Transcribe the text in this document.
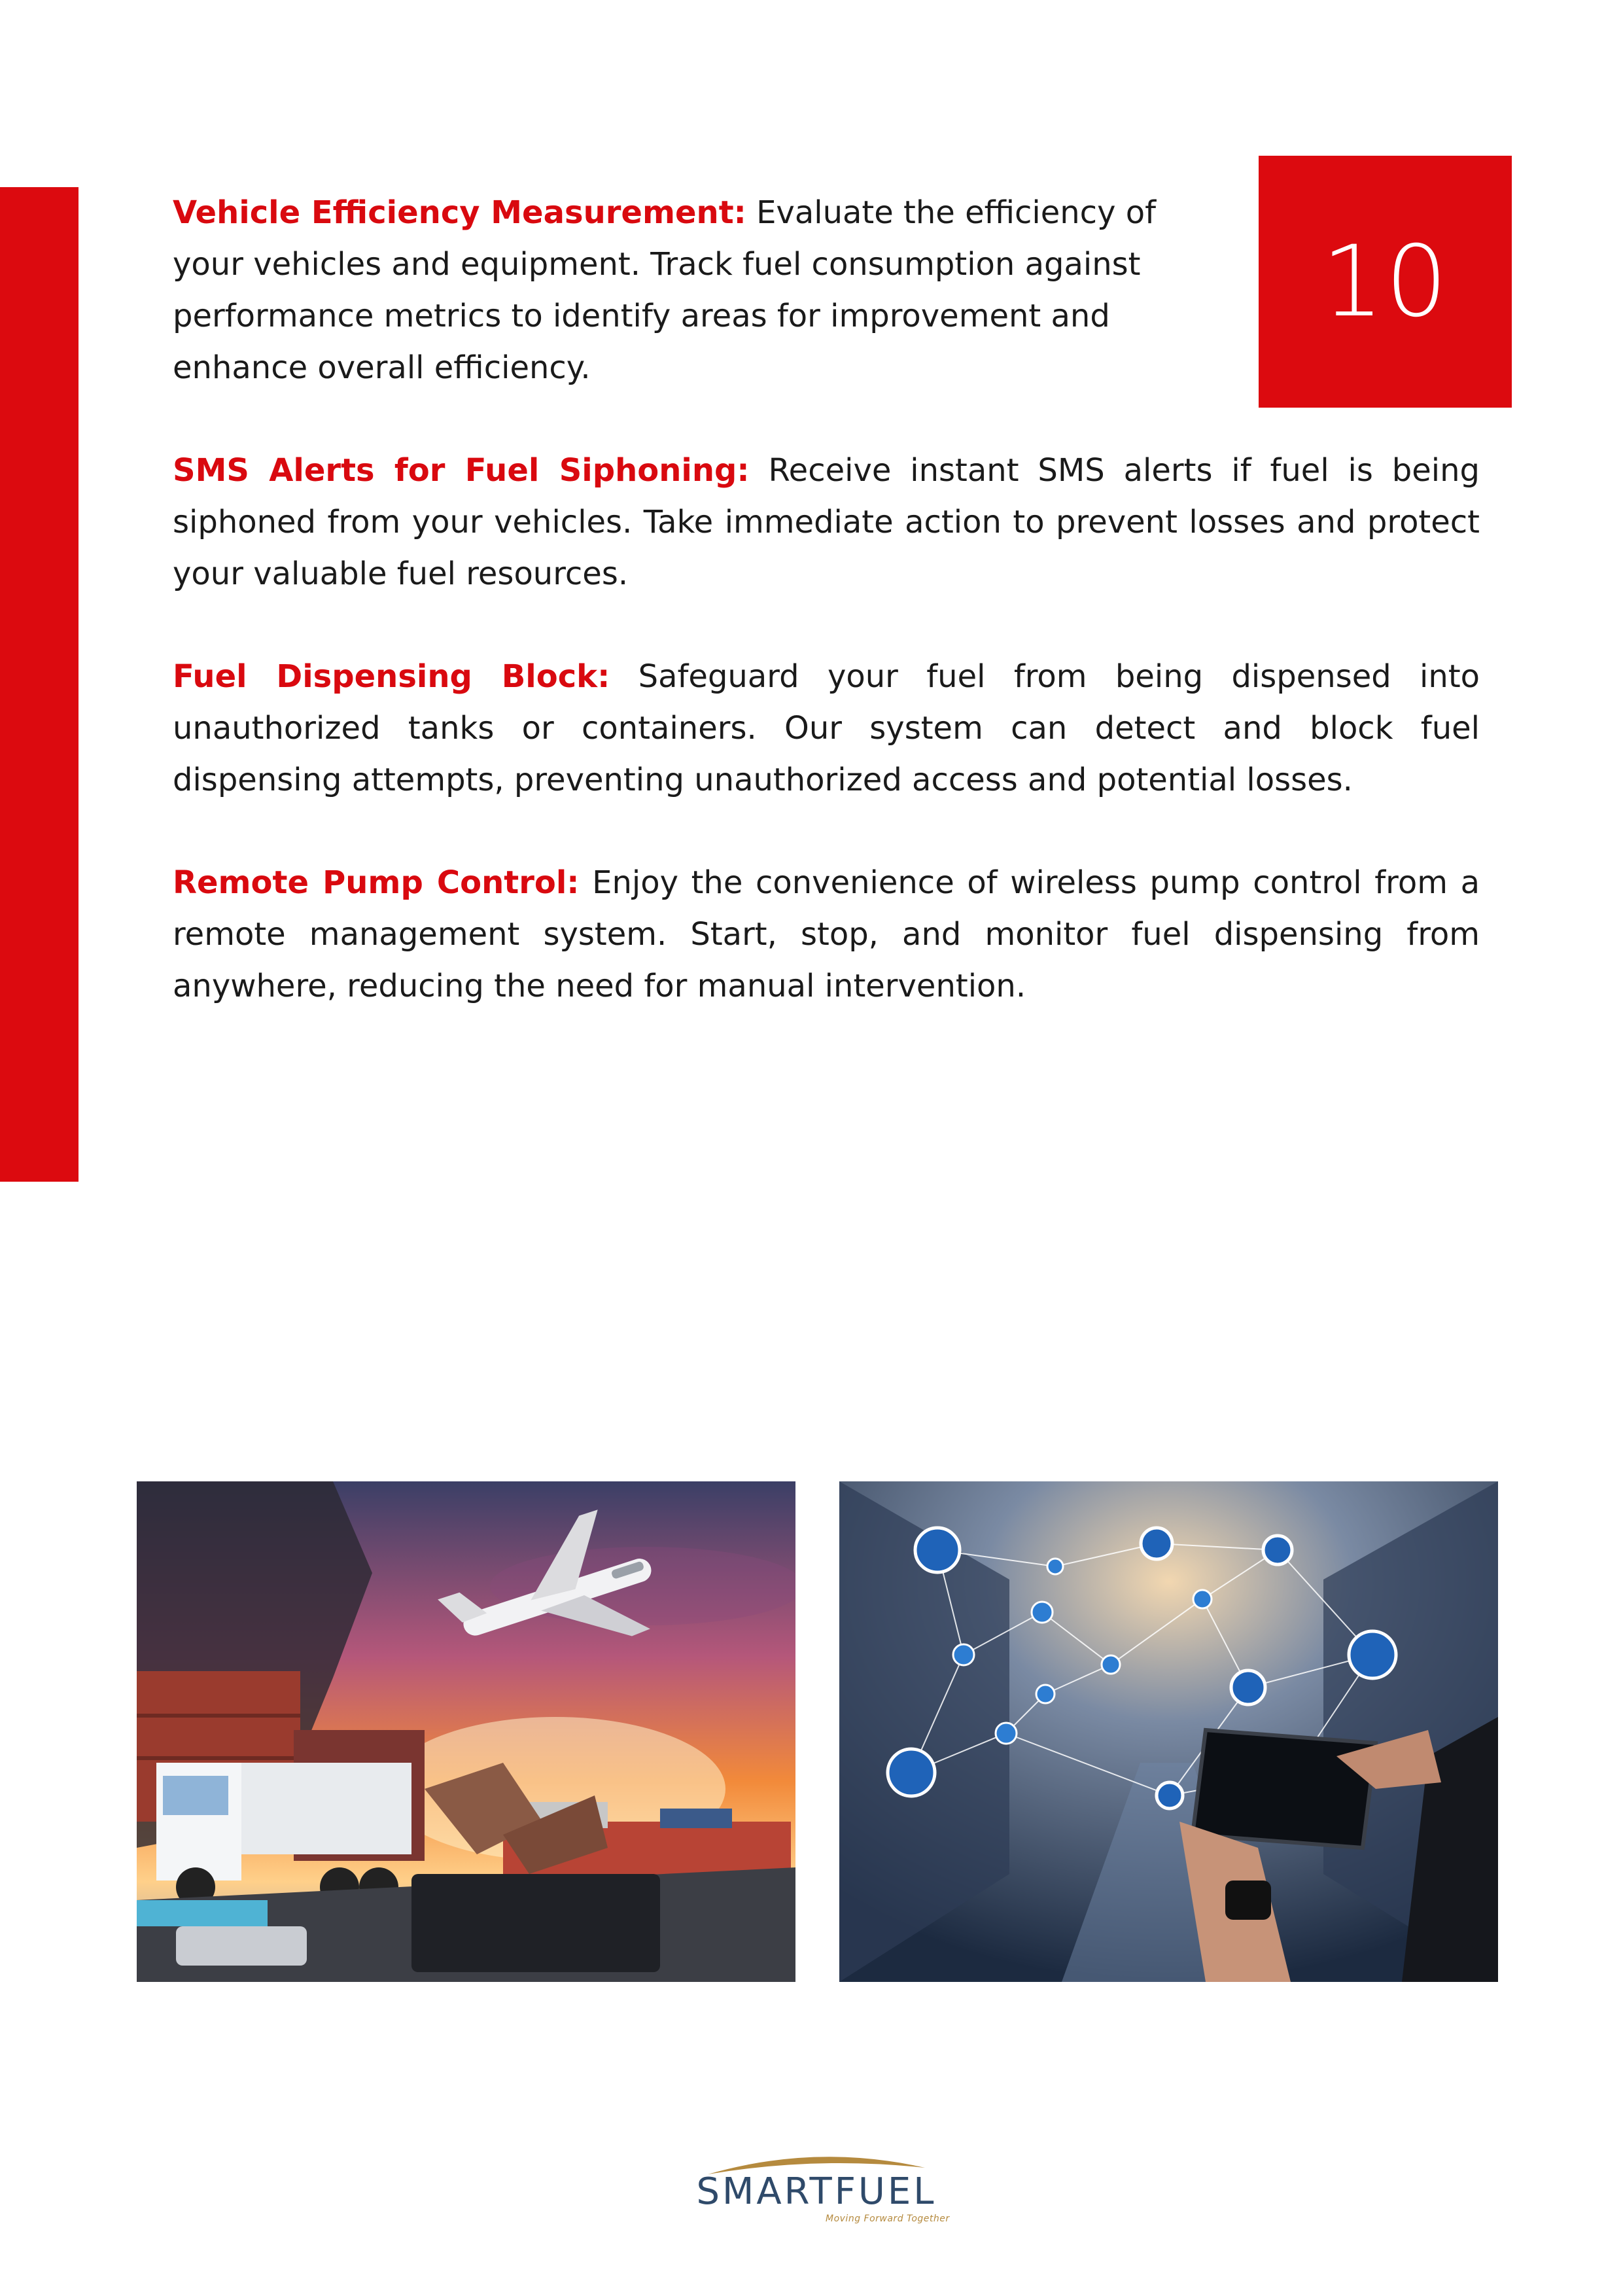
10

Vehicle Efficiency Measurement: Evaluate the efficiency of your vehicles and equipment. Track fuel consumption against performance metrics to identify areas for improvement and enhance overall efficiency.

SMS Alerts for Fuel Siphoning: Receive instant SMS alerts if fuel is being siphoned from your vehicles. Take immediate action to prevent losses and protect your valuable fuel resources.

Fuel Dispensing Block: Safeguard your fuel from being dispensed into unauthorized tanks or containers. Our system can detect and block fuel dispensing attempts, preventing unauthorized access and potential losses.

Remote Pump Control: Enjoy the convenience of wireless pump control from a remote management system. Start, stop, and monitor fuel dispensing from anywhere, reducing the need for manual intervention.

SMARTFUEL
Moving Forward Together
